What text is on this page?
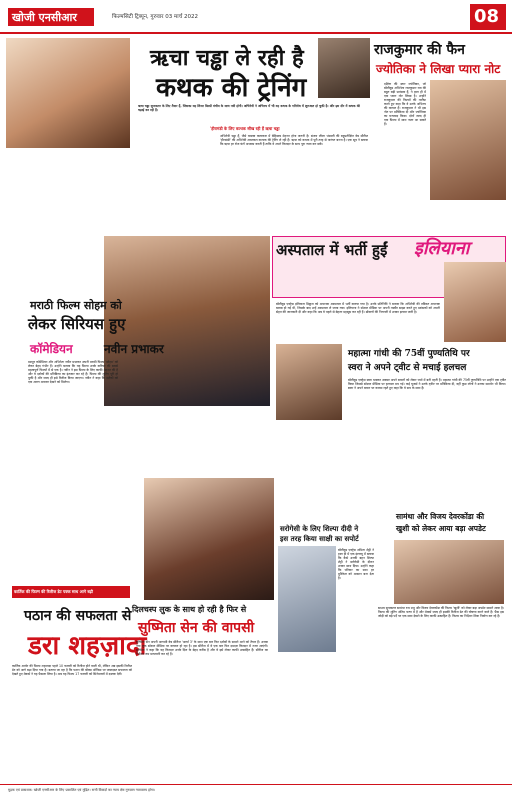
खोजी एनसीआर	फिल्मसिटी ट्रिब्यून, गुरुवार 03 मार्च 2022	08
ऋचा चड्ढा ले रही है
कथक की ट्रेनिंग
ऋचा चड्ढा सुपरस्टार के लिए तैयार हैं, जिसका यह शिरल बिल्डी मंचीय के साथ नयी होगी। अभिनेत्री ने अभिनय में भी वह कथक के गतिरोध में शुरुआत हो चुकी है। और इस दौर में कथक की चढ़ाई कर रही हैं।
'हीरामंडी के लिए कत्थक सीख रही हैं ऋचा चड्ढा
अभिनेत्री चड्ढा हैं, जैसे वास्तव कलाकार में बेहिसाब मेहनत होना जरूरी है। संजय लीला भंसाली की बहुप्रतीक्षित वेब सीरीज 'हीरामंडी' की अभिनेत्री आजकल कत्थक की ट्रेनिंग ले रही हैं। ऋचा को कथक में पूरी तरह से पारंगत बनना है। एक सूत्र ने बताया कि ऋचा हर रोज घंटों अभ्यास करती हैं ताकि वे अपने किरदार के साथ पूरा न्याय कर सकें।
राजकुमार की फैन
ज्योतिका ने लिखा प्यारा नोट
दक्षिण की स्टार ज्योतिका, जो बॉलीवुड अभिनेता राजकुमार राव की बहुत बड़ी प्रशंसक हैं, ने हाल ही में एक प्यारा नोट लिखा है। उन्होंने राजकुमार की फिल्मों की तारीफ करते हुए कहा कि वे उनके अभिनय की कायल हैं। राजकुमार ने भी इस नोट पर प्रतिक्रिया दी और ज्योतिका का धन्यवाद किया। दोनों जल्द ही एक फिल्म में साथ नजर आ सकते हैं।
अस्पताल में भर्ती हुईं इलियाना
बॉलीवुड एक्ट्रेस इलियाना डिक्रूज को अचानक अस्पताल में भर्ती कराया गया है। उनके प्रतिनिधि ने बताया कि अभिनेत्री की तबियत अचानक खराब हो गई थी, जिसके बाद उन्हें अस्पताल ले जाया गया। इलियाना ने सोशल मीडिया पर अपनी तस्वीर साझा करते हुए प्रशंसकों को अपनी सेहत की जानकारी दी और कहा कि अब वे पहले से बेहतर महसूस कर रही हैं। डॉक्टरों की निगरानी में उनका इलाज जारी है।
मराठी फिल्म सोहम को
लेकर सिरियस हुए
कॉमेडियन	नवीन प्रभाकर
मशहूर कॉमेडियन और अभिनेता नवीन प्रभाकर अपनी मराठी फिल्म 'सोहम' को लेकर बेहद गंभीर हैं। उन्होंने बताया कि यह फिल्म उनके करियर की सबसे महत्वपूर्ण फिल्मों में से एक है। नवीन ने इस फिल्म के लिए काफी मेहनत की है और वे दर्शकों की प्रतिक्रिया का इंतजार कर रहे हैं। फिल्म की शूटिंग पूरी हो चुकी है और जल्द ही इसे रिलीज किया जाएगा। नवीन ने कहा कि दर्शकों को एक अलग अवतार देखने को मिलेगा।
कार्तिक की फिल्म की रिलीज डेट पक्क साथ आगे बढ़ी
पठान की सफलता से
डरा शहज़ादा
कार्तिक आर्यन की फिल्म शहजादा पहले 10 फरवरी को रिलीज होने वाली थी, लेकिन अब इसकी रिलीज डेट को आगे बढ़ा दिया गया है। बताया जा रहा है कि पठान की बॉक्स ऑफिस पर जबरदस्त सफलता को देखते हुए मेकर्स ने यह फैसला लिया है। अब यह फिल्म 17 फरवरी को सिनेमाघरों में दस्तक देगी।
दिलचस्प लुक के साथ हो रही है फिर से
सुष्मिता सेन की वापसी
सुष्मिता सेन अपनी आगामी वेब सीरीज 'आर्या 3' के साथ एक बार फिर दर्शकों के सामने आने को तैयार हैं। उनका नया लुक सोशल मीडिया पर वायरल हो रहा है। इस सीरीज में वे एक बार फिर दमदार किरदार में नजर आएंगी। सुष्मिता ने कहा कि यह किरदार उनके दिल के बेहद करीब है और वे इसे लेकर काफी उत्साहित हैं। सीरीज का निर्देशन राम माधवानी कर रहे हैं।
सरोगेसी के लिए शिल्पा दीदी ने
इस तरह किया साक्षी का सपोर्ट
बॉलीवुड एक्ट्रेस शमिता शेट्टी ने हाल ही में एक इंटरव्यू में बताया कि कैसे उनकी बहन शिल्पा शेट्टी ने सरोगेसी के दौरान उनका साथ दिया। उन्होंने कहा कि परिवार का साथ हर मुश्किल को आसान बना देता है।
महात्मा गांधी की 75वीं पुण्यतिथि पर
स्वरा ने अपने ट्वीट से मचाई हलचल
बॉलीवुड एक्ट्रेस स्वरा भास्कर अक्सर अपने बयानों को लेकर चर्चा में बनी रहती हैं। महात्मा गांधी की 75वीं पुण्यतिथि पर उन्होंने एक ट्वीट किया जिससे सोशल मीडिया पर हलचल मच गई। कई यूजर्स ने उनके ट्वीट पर प्रतिक्रिया दी, वहीं कुछ लोगों ने उनका समर्थन भी किया। स्वरा ने अपने बयान पर कायम रहते हुए कहा कि वे सच के साथ हैं।
सामंथा और विजय देवरकोंडा की
खुशी को लेकर आया बड़ा अपडेट
साउथ सुपरस्टार सामंथा रुथ प्रभु और विजय देवरकोंडा की फिल्म 'खुशी' को लेकर बड़ा अपडेट सामने आया है। फिल्म की शूटिंग अंतिम चरण में है और मेकर्स जल्द ही इसकी रिलीज डेट की घोषणा करने वाले हैं। फैंस इस जोड़ी को बड़े पर्दे पर एक साथ देखने के लिए काफी उत्साहित हैं। फिल्म का निर्देशन शिवा निर्वाण कर रहे हैं।
मुद्रक एवं प्रकाशक: खोजी एनसीआर के लिए प्रकाशित एवं मुद्रित। सभी विवादों का न्याय क्षेत्र गुरुग्राम न्यायालय होगा।
